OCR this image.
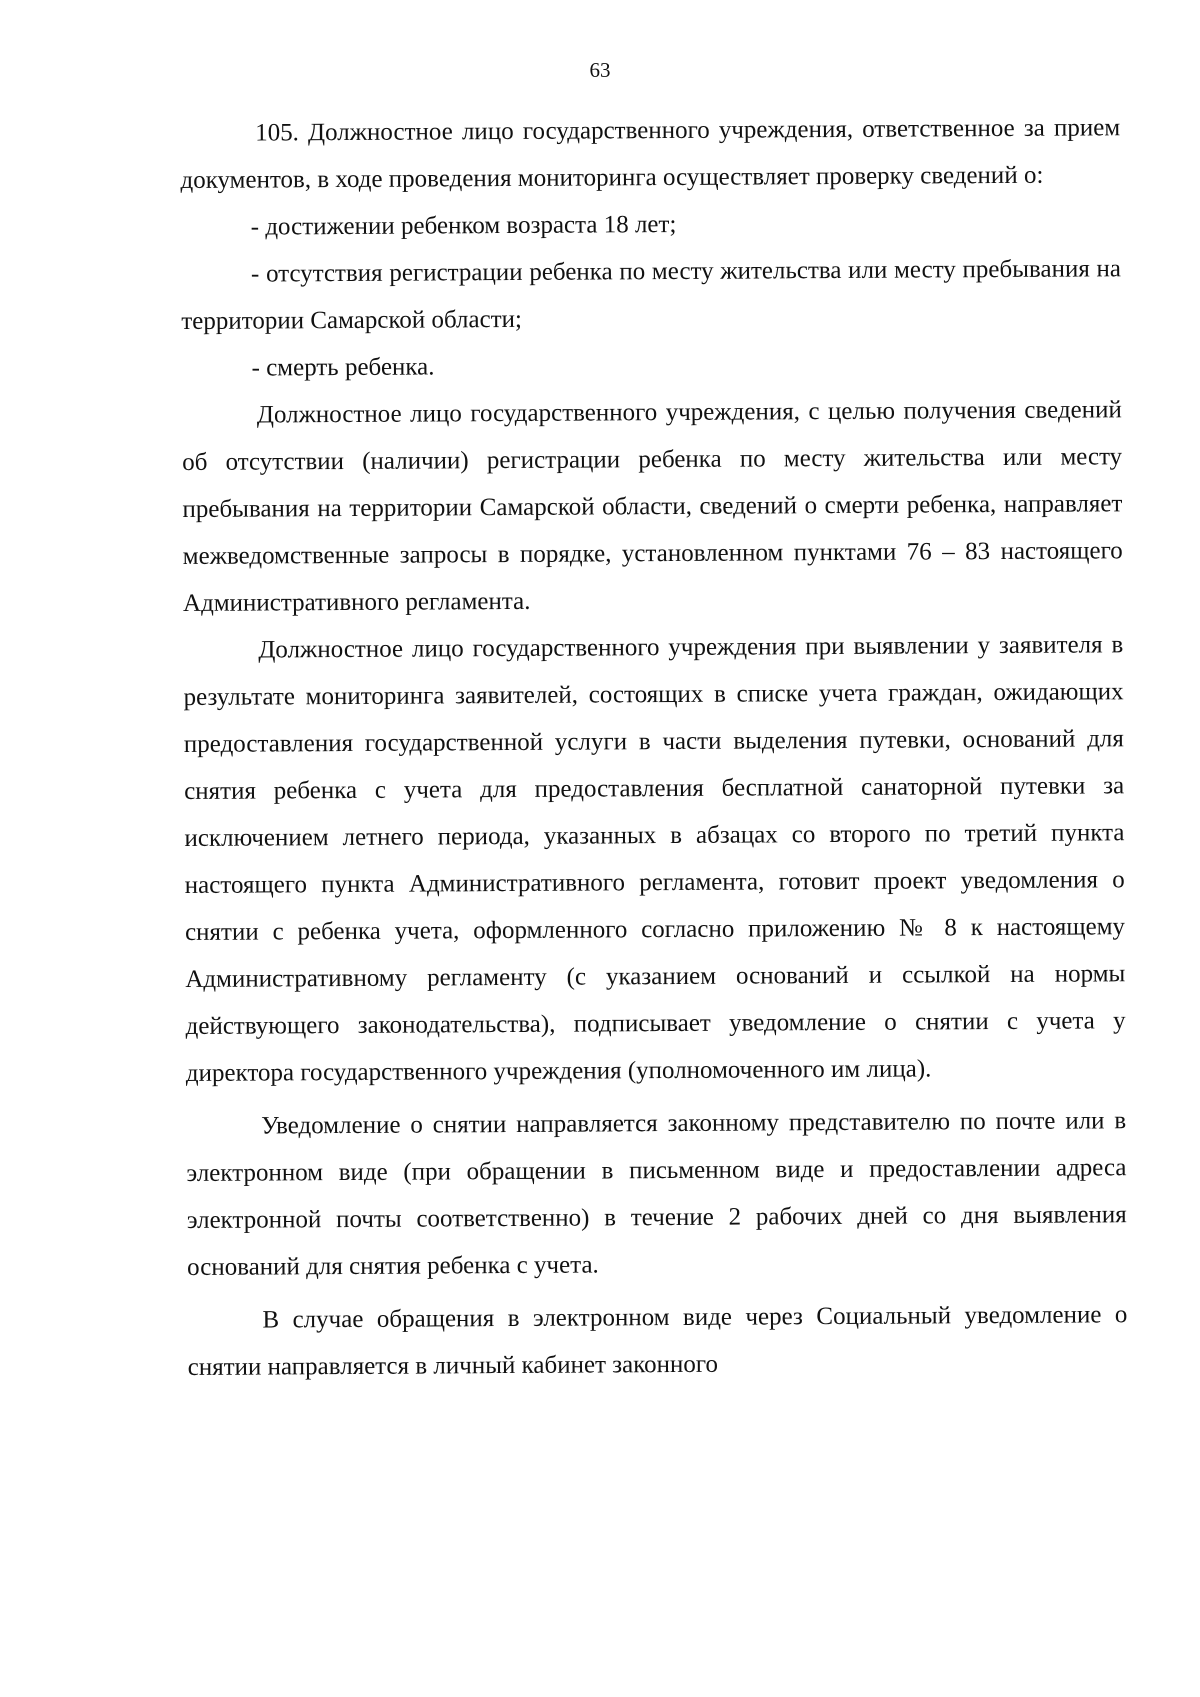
63

105. Должностное лицо государственного учреждения, ответственное за прием документов, в ходе проведения мониторинга осуществляет проверку сведений о:

- достижении ребенком возраста 18 лет;

- отсутствия регистрации ребенка по месту жительства или месту пребывания на территории Самарской области;

- смерть ребенка.

Должностное лицо государственного учреждения, с целью получения сведений об отсутствии (наличии) регистрации ребенка по месту жительства или месту пребывания на территории Самарской области, сведений о смерти ребенка, направляет межведомственные запросы в порядке, установленном пунктами 76 – 83 настоящего Административного регламента.

Должностное лицо государственного учреждения при выявлении у заявителя в результате мониторинга заявителей, состоящих в списке учета граждан, ожидающих предоставления государственной услуги в части выделения путевки, оснований для снятия ребенка с учета для предоставления бесплатной санаторной путевки за исключением летнего периода, указанных в абзацах со второго по третий пункта настоящего пункта Административного регламента, готовит проект уведомления о снятии с ребенка учета, оформленного согласно приложению № 8 к настоящему Административному регламенту (с указанием оснований и ссылкой на нормы действующего законодательства), подписывает уведомление о снятии с учета у директора государственного учреждения (уполномоченного им лица).

Уведомление о снятии направляется законному представителю по почте или в электронном виде (при обращении в письменном виде и предоставлении адреса электронной почты соответственно) в течение 2 рабочих дней со дня выявления оснований для снятия ребенка с учета.

В случае обращения в электронном виде через Социальный уведомление о снятии направляется в личный кабинет законного
